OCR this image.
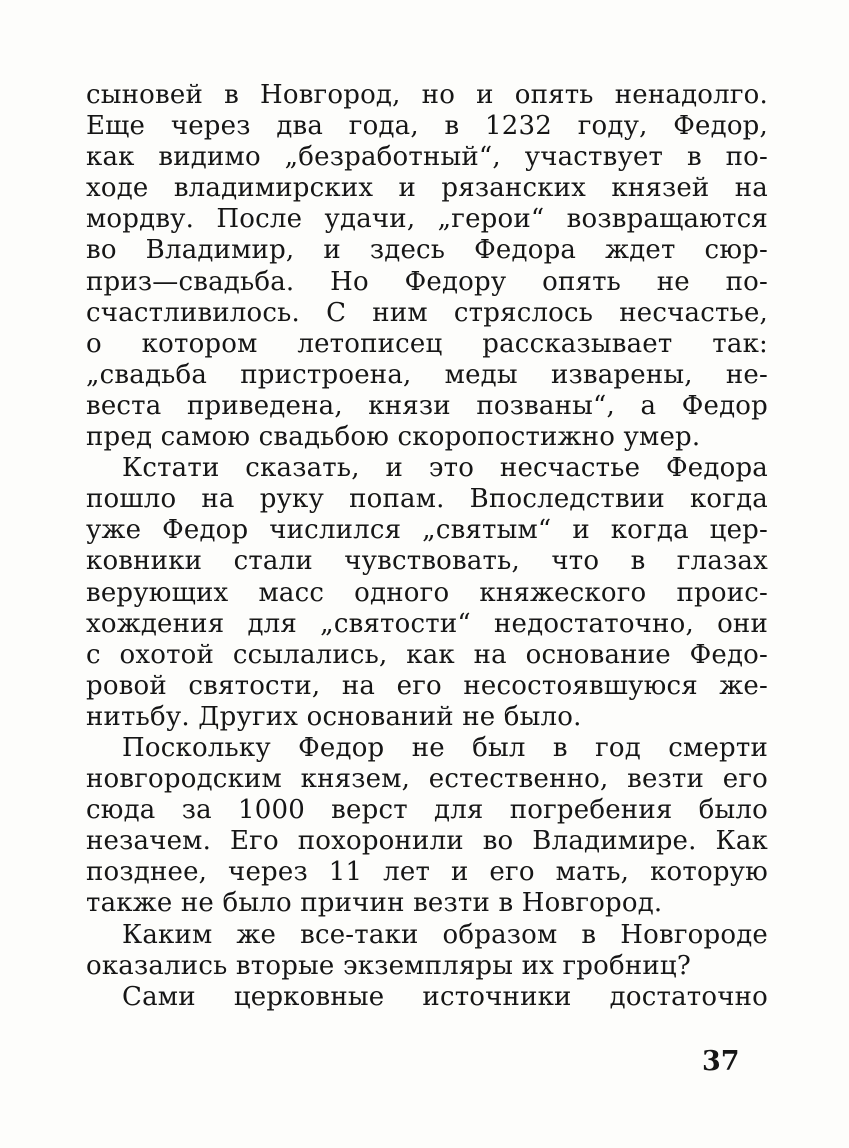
сыновей в Новгород, но и опять ненадолго.
Еще через два года, в 1232 году, Федор,
как видимо „безработный“, участвует в по-
ходе владимирских и рязанских князей на
мордву. После удачи, „герои“ возвращаются
во Владимир, и здесь Федора ждет сюр-
приз—свадьба. Но Федору опять не по-
счастливилось. С ним стряслось несчастье,
о котором летописец рассказывает так:
„свадьба пристроена, меды изварены, не-
веста приведена, князи позваны“, а Федор
пред самою свадьбою скоропостижно умер.
Кстати сказать, и это несчастье Федора
пошло на руку попам. Впоследствии когда
уже Федор числился „святым“ и когда цер-
ковники стали чувствовать, что в глазах
верующих масс одного княжеского проис-
хождения для „святости“ недостаточно, они
с охотой ссылались, как на основание Федо-
ровой святости, на его несостоявшуюся же-
нитьбу. Других оснований не было.
Поскольку Федор не был в год смерти
новгородским князем, естественно, везти его
сюда за 1000 верст для погребения было
незачем. Его похоронили во Владимире. Как
позднее, через 11 лет и его мать, которую
также не было причин везти в Новгород.
Каким же все-таки образом в Новгороде
оказались вторые экземпляры их гробниц?
Сами церковные источники достаточно
37
